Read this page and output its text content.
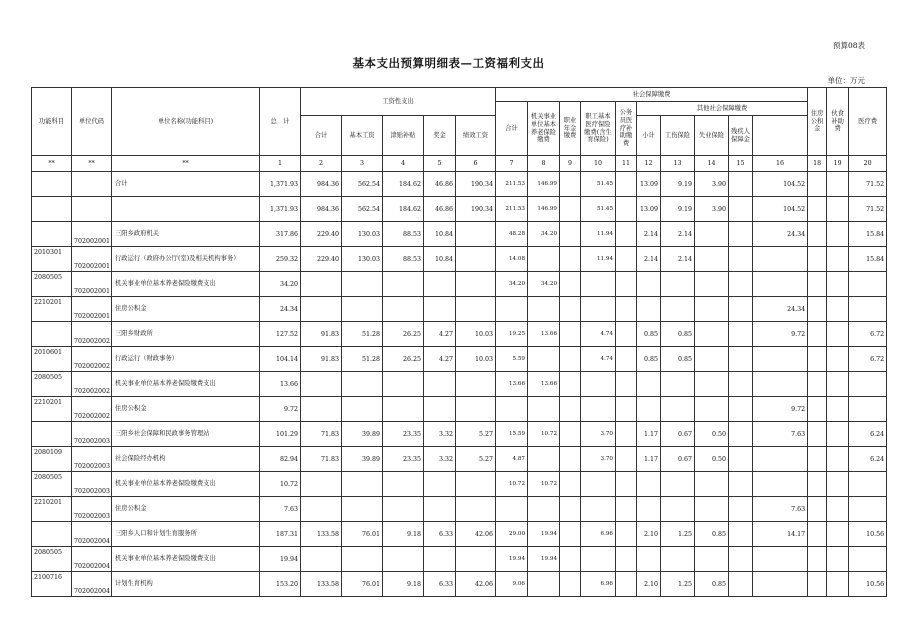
预算08表
基本支出预算明细表—工资福利支出
单位：万元
功能科目	单位代码	单位名称(功能科目)	总　计	工资性支出					社会保障缴费										住房公积金	伙食补助费	医疗费	
									合计	机关事业单位基本养老保险缴费	职业年金缴费	职工基本医疗保险缴费(含生育保险)	公务员医疗补助缴费	其他社会保障缴费								
				合计	基本工资	津贴补贴	奖金	绩效工资						小计	工伤保险	失业保险	残疾人保障金					
**	**	**	1	2	3	4	5	6	7	8	9	10	11	12	13	14	15	16	18	19	20	
		合计	1,371.93	984.36	562.54	184.62	46.86	190.34	211.53	146.99		51.45		13.09	9.19	3.90		104.52			71.52	
			1,371.93	984.36	562.54	184.62	46.86	190.34	211.53	146.99		51.45		13.09	9.19	3.90		104.52			71.52	
	702002001	三阳乡政府机关	317.86	229.40	130.03	88.53	10.84		48.28	34.20		11.94		2.14	2.14			24.34			15.84	
2010301	702002001	行政运行（政府办公厅(室)及相关机构事务）	259.32	229.40	130.03	88.53	10.84		14.08			11.94		2.14	2.14						15.84	
2080505	702002001	机关事业单位基本养老保险缴费支出	34.20						34.20	34.20												
2210201	702002001	住房公积金	24.34															24.34				
	702002002	三阳乡财政所	127.52	91.83	51.28	26.25	4.27	10.03	19.25	13.66		4.74		0.85	0.85			9.72			6.72	
2010601	702002002	行政运行（财政事务）	104.14	91.83	51.28	26.25	4.27	10.03	5.59			4.74		0.85	0.85						6.72	
2080505	702002002	机关事业单位基本养老保险缴费支出	13.66						13.66	13.66												
2210201	702002002	住房公积金	9.72															9.72				
	702002003	三阳乡社会保障和民政事务管理站	101.29	71.83	39.89	23.35	3.32	5.27	15.59	10.72		3.70		1.17	0.67	0.50		7.63			6.24	
2080109	702002003	社会保险经办机构	82.94	71.83	39.89	23.35	3.32	5.27	4.87			3.70		1.17	0.67	0.50					6.24	
2080505	702002003	机关事业单位基本养老保险缴费支出	10.72						10.72	10.72												
2210201	702002003	住房公积金	7.63															7.63				
	702002004	三阳乡人口和计划生育服务所	187.31	133.58	76.01	9.18	6.33	42.06	29.00	19.94		6.96		2.10	1.25	0.85		14.17			10.56	
2080505	702002004	机关事业单位基本养老保险缴费支出	19.94						19.94	19.94												
2100716	702002004	计划生育机构	153.20	133.58	76.01	9.18	6.33	42.06	9.06			6.96		2.10	1.25	0.85					10.56	
